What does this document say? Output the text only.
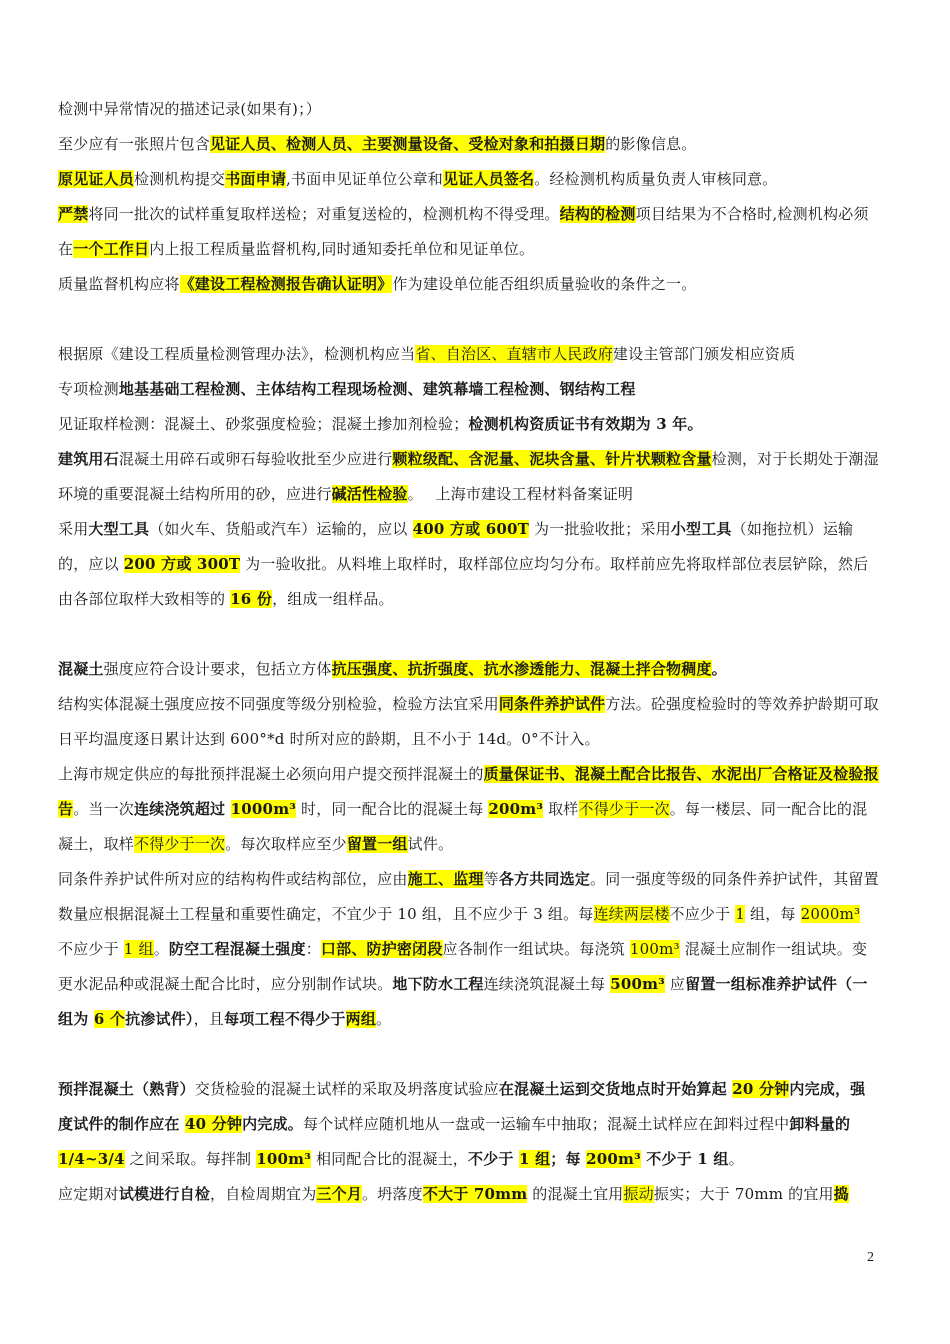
检测中异常情况的描述记录(如果有)；）

至少应有一张照片包含见证人员、检测人员、主要测量设备、受检对象和拍摄日期的影像信息。

原见证人员检测机构提交书面申请,书面申见证单位公章和见证人员签名。经检测机构质量负责人审核同意。

严禁将同一批次的试样重复取样送检；对重复送检的，检测机构不得受理。结构的检测项目结果为不合格时,检测机构必须在一个工作日内上报工程质量监督机构,同时通知委托单位和见证单位。

质量监督机构应将《建设工程检测报告确认证明》作为建设单位能否组织质量验收的条件之一。

根据原《建设工程质量检测管理办法》，检测机构应当省、自治区、直辖市人民政府建设主管部门颁发相应资质

专项检测地基基础工程检测、主体结构工程现场检测、建筑幕墙工程检测、钢结构工程

见证取样检测：混凝土、砂浆强度检验；混凝土掺加剂检验；检测机构资质证书有效期为 3 年。

建筑用石混凝土用碎石或卵石每验收批至少应进行颗粒级配、含泥量、泥块含量、针片状颗粒含量检测，对于长期处于潮湿环境的重要混凝土结构所用的砂，应进行碱活性检验。　 上海市建设工程材料备案证明

采用大型工具（如火车、货船或汽车）运输的，应以 400 方或 600T 为一批验收批；采用小型工具（如拖拉机）运输的，应以 200 方或 300T 为一验收批。从料堆上取样时，取样部位应均匀分布。取样前应先将取样部位表层铲除，然后由各部位取样大致相等的 16 份，组成一组样品。

混凝土强度应符合设计要求，包括立方体抗压强度、抗折强度、抗水渗透能力、混凝土拌合物稠度。

结构实体混凝土强度应按不同强度等级分别检验，检验方法宜采用同条件养护试件方法。砼强度检验时的等效养护龄期可取日平均温度逐日累计达到 600°*d 时所对应的龄期，且不小于 14d。0°不计入。

上海市规定供应的每批预拌混凝土必须向用户提交预拌混凝土的质量保证书、混凝土配合比报告、水泥出厂合格证及检验报告。当一次连续浇筑超过 1000m³ 时，同一配合比的混凝土每 200m³ 取样不得少于一次。每一楼层、同一配合比的混凝土，取样不得少于一次。每次取样应至少留置一组试件。

同条件养护试件所对应的结构构件或结构部位，应由施工、监理等各方共同选定。同一强度等级的同条件养护试件，其留置数量应根据混凝土工程量和重要性确定，不宜少于 10 组，且不应少于 3 组。每连续两层楼不应少于 1 组，每 2000m³ 不应少于 1 组。防空工程混凝土强度：口部、防护密闭段应各制作一组试块。每浇筑 100m³ 混凝土应制作一组试块。变更水泥品种或混凝土配合比时，应分别制作试块。地下防水工程连续浇筑混凝土每 500m³ 应留置一组标准养护试件（一组为 6 个抗渗试件），且每项工程不得少于两组。

预拌混凝土（熟背）交货检验的混凝土试样的采取及坍落度试验应在混凝土运到交货地点时开始算起 20 分钟内完成，强度试件的制作应在 40 分钟内完成。每个试样应随机地从一盘或一运输车中抽取；混凝土试样应在卸料过程中卸料量的 1/4~3/4 之间采取。每拌制 100m³ 相同配合比的混凝土，不少于 1 组；每 200m³ 不少于 1 组。

应定期对试模进行自检，自检周期宜为三个月。坍落度不大于 70mm 的混凝土宜用振动振实；大于 70mm 的宜用捣

2
